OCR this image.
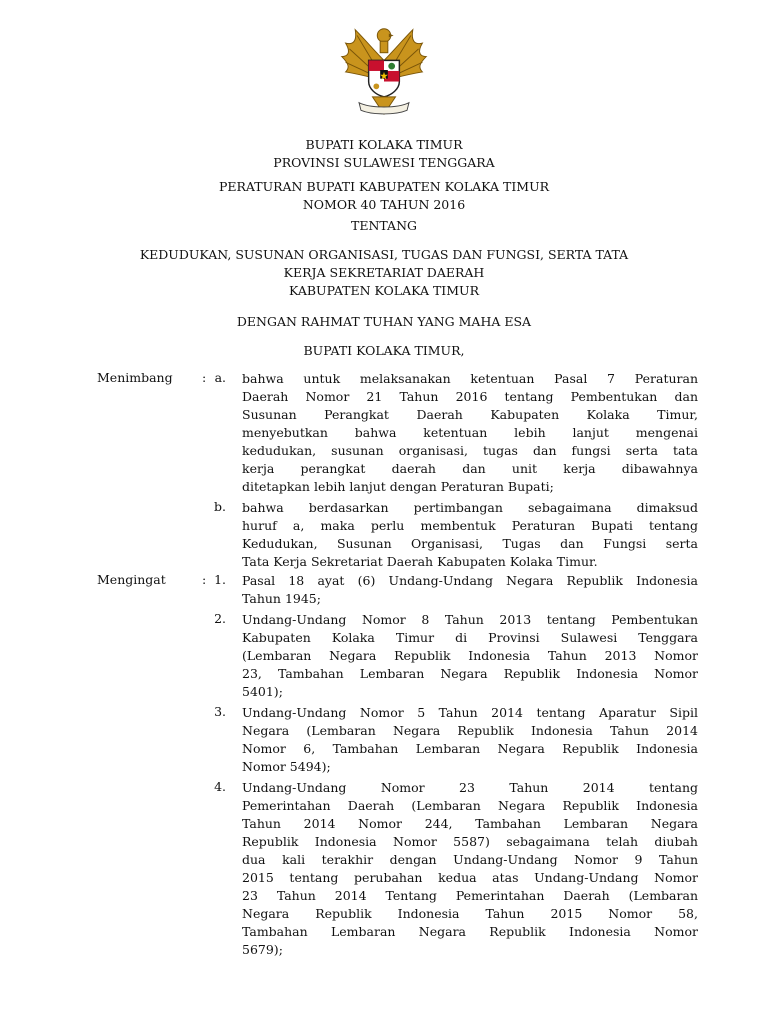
BUPATI KOLAKA TIMUR
PROVINSI SULAWESI TENGGARA
PERATURAN BUPATI KABUPATEN KOLAKA TIMUR
NOMOR 40 TAHUN 2016
TENTANG
KEDUDUKAN, SUSUNAN ORGANISASI, TUGAS DAN FUNGSI, SERTA TATA
KERJA SEKRETARIAT DAERAH
KABUPATEN KOLAKA TIMUR
DENGAN RAHMAT TUHAN YANG MAHA ESA
BUPATI KOLAKA TIMUR,
Menimbang : a. bahwa untuk melaksanakan ketentuan Pasal 7 Peraturan
Daerah Nomor 21 Tahun 2016 tentang Pembentukan dan
Susunan Perangkat Daerah Kabupaten Kolaka Timur,
menyebutkan bahwa ketentuan lebih lanjut mengenai
kedudukan, susunan organisasi, tugas dan fungsi serta tata
kerja perangkat daerah dan unit kerja dibawahnya
ditetapkan lebih lanjut dengan Peraturan Bupati;
b. bahwa berdasarkan pertimbangan sebagaimana dimaksud
huruf a, maka perlu membentuk Peraturan Bupati tentang
Kedudukan, Susunan Organisasi, Tugas dan Fungsi serta
Tata Kerja Sekretariat Daerah Kabupaten Kolaka Timur.
Mengingat	: 1. Pasal 18 ayat (6) Undang-Undang Negara Republik Indonesia
Tahun 1945;
2. Undang-Undang Nomor 8 Tahun 2013 tentang Pembentukan
Kabupaten Kolaka Timur di Provinsi Sulawesi Tenggara
(Lembaran Negara Republik Indonesia Tahun 2013 Nomor
23, Tambahan Lembaran Negara Republik Indonesia Nomor
5401);
3. Undang-Undang Nomor 5 Tahun 2014 tentang Aparatur Sipil
Negara (Lembaran Negara Republik Indonesia Tahun 2014
Nomor 6, Tambahan Lembaran Negara Republik Indonesia
Nomor 5494);
4. Undang-Undang Nomor 23 Tahun 2014 tentang
Pemerintahan Daerah (Lembaran Negara Republik Indonesia
Tahun 2014 Nomor 244, Tambahan Lembaran Negara
Republik Indonesia Nomor 5587) sebagaimana telah diubah
dua kali terakhir dengan Undang-Undang Nomor 9 Tahun
2015 tentang perubahan kedua atas Undang-Undang Nomor
23 Tahun 2014 Tentang Pemerintahan Daerah (Lembaran
Negara Republik Indonesia Tahun 2015 Nomor 58,
Tambahan Lembaran Negara Republik Indonesia Nomor
5679);
